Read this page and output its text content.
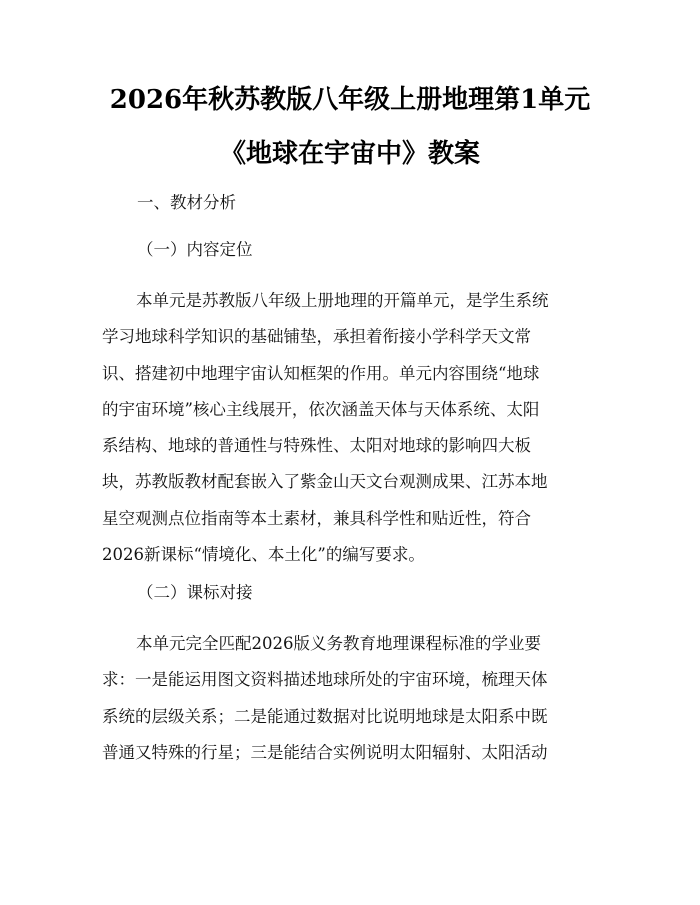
2026年秋苏教版八年级上册地理第1单元
《地球在宇宙中》教案
一、教材分析
（一）内容定位
本单元是苏教版八年级上册地理的开篇单元，是学生系统
学习地球科学知识的基础铺垫，承担着衔接小学科学天文常
识、搭建初中地理宇宙认知框架的作用。单元内容围绕“地球
的宇宙环境”核心主线展开，依次涵盖天体与天体系统、太阳
系结构、地球的普通性与特殊性、太阳对地球的影响四大板
块，苏教版教材配套嵌入了紫金山天文台观测成果、江苏本地
星空观测点位指南等本土素材，兼具科学性和贴近性，符合
2026新课标“情境化、本土化”的编写要求。
（二）课标对接
本单元完全匹配2026版义务教育地理课程标准的学业要
求：一是能运用图文资料描述地球所处的宇宙环境，梳理天体
系统的层级关系；二是能通过数据对比说明地球是太阳系中既
普通又特殊的行星；三是能结合实例说明太阳辐射、太阳活动
